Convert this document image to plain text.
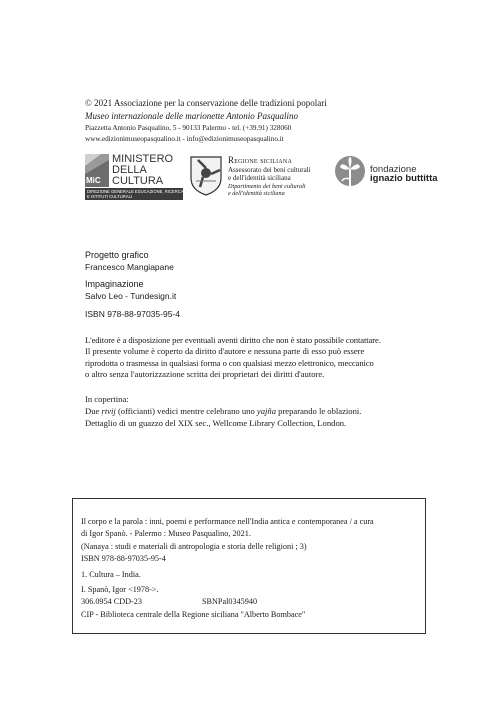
© 2021 Associazione per la conservazione delle tradizioni popolari
Museo internazionale delle marionette Antonio Pasqualino
Piazzetta Antonio Pasqualino, 5 - 90133 Palermo - tel. (+39.91) 328060
www.edizionimuseopasqualino.it - info@edizionimuseopasqualino.it
MiC
MINISTERO
DELLA
CULTURA
DIREZIONE GENERALE EDUCAZIONE, RICERCA
E ISTITUTI CULTURALI
Regione siciliana
Assessorato dei beni culturali
e dell'identità siciliana
Dipartimento dei beni culturali
e dell'identità siciliana
fondazione
ignazio buttitta
Progetto grafico
Francesco Mangiapane
Impaginazione
Salvo Leo - Tundesign.it
ISBN 978-88-97035-95-4
L'editore è a disposizione per eventuali aventi diritto che non è stato possibile contattare.
Il presente volume è coperto da diritto d'autore e nessuna parte di esso può essere
riprodotta o trasmessa in qualsiasi forma o con qualsiasi mezzo elettronico, meccanico
o altro senza l'autorizzazione scritta dei proprietari dei diritti d'autore.
In copertina:
Due ṛtvij (officianti) vedici mentre celebrano uno yajña preparando le oblazioni.
Dettaglio di un guazzo del XIX sec., Wellcome Library Collection, London.
Il corpo e la parola : inni, poemi e performance nell'India antica e contemporanea / a cura
di Igor Spanò. - Palermo : Museo Pasqualino, 2021.
(Nanaya : studi e materiali di antropologia e storia delle religioni ; 3)
ISBN 978-88-97035-95-4
1. Cultura – India.
I. Spanò, Igor <1978->.
306.0954 CDD-23	SBNPal0345940
CIP - Biblioteca centrale della Regione siciliana "Alberto Bombace"
